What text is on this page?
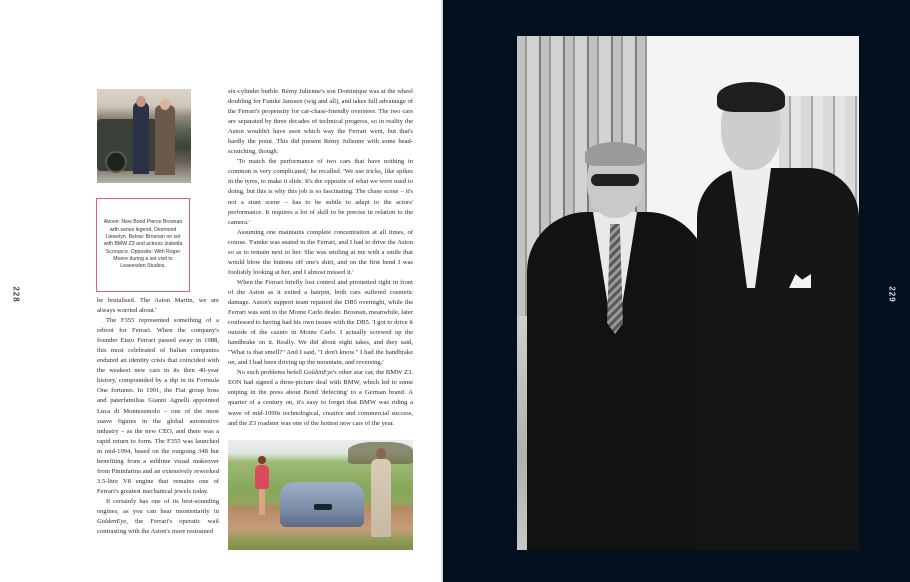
228

Above: New Bond Pierce Brosnan with series legend, Desmond Llewelyn. Below: Brosnan on set with BMW Z3 and actress Izabella Scorupco. Opposite: With Roger Moore during a set visit to Leavesden Studios.

be brutalised. The Aston Martin, we are always worried about.'

The F355 represented something of a reboot for Ferrari. When the company's founder Enzo Ferrari passed away in 1988, this most celebrated of Italian companies endured an identity crisis that coincided with the weakest new cars in its then 40-year history, compounded by a dip in its Formula One fortunes. In 1991, the Fiat group boss and paterfamilias Gianni Agnelli appointed Luca di Montezemolo – one of the most suave figures in the global automotive industry – as the new CEO, and there was a rapid return to form. The F355 was launched in mid-1994, based on the outgoing 348 but benefiting from a sublime visual makeover from Pininfarina and an extensively reworked 3.5-litre V8 engine that remains one of Ferrari's greatest mechanical jewels today.

It certainly has one of its best-sounding engines, as you can hear momentarily in GoldenEye, the Ferrari's operatic wail contrasting with the Aston's more restrained

six-cylinder burble. Rémy Julienne's son Dominique was at the wheel doubling for Famke Janssen (wig and all), and takes full advantage of the Ferrari's propensity for car-chase-friendly oversteer. The two cars are separated by three decades of technical progress, so in reality the Aston wouldn't have seen which way the Ferrari went, but that's hardly the point. This did present Rémy Julienne with some head-scratching, though.

'To match the performance of two cars that have nothing in common is very complicated,' he recalled. 'We use tricks, like spikes in the tyres, to make it slide. It's the opposite of what we were used to doing, but this is why this job is so fascinating. The chase scene – it's not a stunt scene – has to be subtle to adapt to the actors' performance. It requires a lot of skill to be precise in relation to the camera.'

Assuming one maintains complete concentration at all times, of course. 'Famke was seated in the Ferrari, and I had to drive the Aston so as to remain next to her. She was smiling at me with a smile that would blow the buttons off one's shirt, and on the first bend I was foolishly looking at her, and I almost missed it.'

When the Ferrari briefly lost control and pirouetted right in front of the Aston as it exited a hairpin, both cars suffered cosmetic damage. Aston's support team repaired the DB5 overnight, while the Ferrari was sent to the Monte Carlo dealer. Brosnan, meanwhile, later confessed to having had his own issues with the DB5. 'I got to drive it outside of the casino in Monte Carlo. I actually screwed up the handbrake on it. Really. We did about eight takes, and they said, "What is that smell?" And I said, "I don't know." I had the handbrake on, and I had been driving up the mountain, and reversing.'

No such problems befell GoldenEye's other star car, the BMW Z3. EON had signed a three-picture deal with BMW, which led to some sniping in the press about Bond 'defecting' to a German brand. A quarter of a century on, it's easy to forget that BMW was riding a wave of mid-1990s technological, creative and commercial success, and the Z3 roadster was one of the hottest new cars of the year.

229
